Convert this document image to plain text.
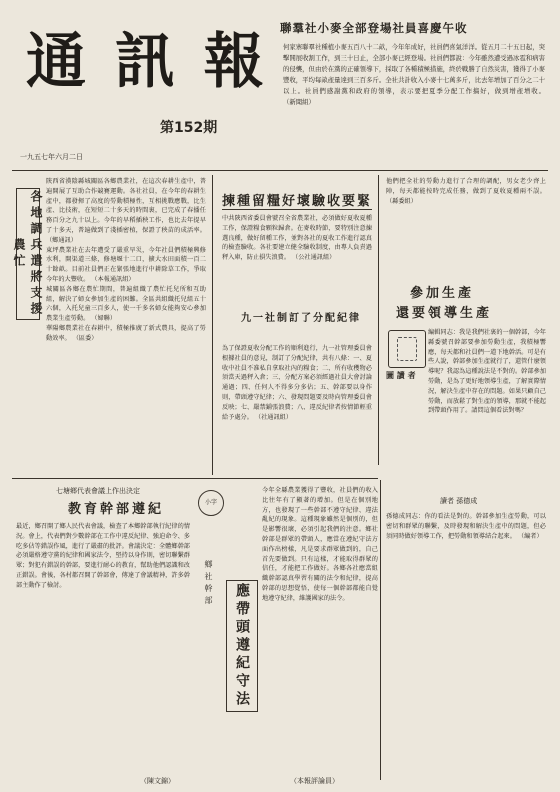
通 訊 報
第152期
一九五七年六月二日
聯羣社小麥全部登場社員喜慶午收
何家寨聯羣社種植小麥五百八十二畝，今年年成好，社員們喜氣洋洋。從五月二十五日起，突擊開展收割工作，到三十日止，全部小麥已經登場。社員們都說：今年雖然遭受過冰雹和病害的侵襲，但由於在黨的正確領導下，採取了各種積極措施，終於戰勝了自然災害，獲得了小麥豐收，平均每畝產量達到三百多斤。全社共計收入小麥十七萬多斤，比去年增加了百分之二十以上。社員們感謝黨和政府的領導，表示要把夏季分配工作搞好，做到增產增收。 （新聞組）
各地調兵遣將支援農忙
陝西省漢陰縣城關區各鄉農業社，在這次春耕生產中，普遍開展了互助合作競賽運動。各社社員，在今年的春耕生產中，都發揮了高度的勞動積極性，互相挑戰應戰，比生產、比技術，在短短二十多天的時間裏，已完成了春播任務百分之九十以上。今年的早稻插秧工作，也比去年提早了十多天，普遍做到了淺插密植，保證了秧苗的成活率。 （鄉通訊）
東坪農業社在去年遭受了嚴重旱災，今年社員們積極興修水利，開渠道三條，修塘堰十二口，擴大水田面積一百二十餘畝。目前社員們正在緊張地進行中耕除草工作，爭取今年的大豐收。 （本報通訊組）
城關區各鄉在農忙期間，普遍組織了農忙托兒所和互助組，解決了婦女參加生產的困難。全區共組織托兒組五十六個，入托兒童三百多人，使一千多名婦女能夠安心參加農業生產勞動。 （婦聯）
華陽鄉農業社在春耕中，積極推廣了新式農具，提高了勞動效率。 （區委）
揀種留糧好壞驗收要緊
中共陝西省委員會號召全省農業社，必須做好夏收夏種工作，保證糧食顆粒歸倉。在麥收時節，要特別注意揀選良種，做好留種工作，並對各社的夏收工作進行認真的檢查驗收。各社要建立健全驗收制度，由專人負責過秤入庫，防止損失浪費。 （公社通訊組）
九一社制訂了分配紀律
為了保證夏收分配工作的順利進行，九一社管理委員會根據社員的意見，制訂了分配紀律，共有八條：一、夏收中社員不准私自拿取社內的糧食；二、所有收穫物必須當天過秤入倉；三、分配方案必須經過社員大會討論通過；四、任何人不得多分多佔；五、幹部要以身作則，帶頭遵守紀律；六、發現問題要及時向管理委員會反映；七、嚴禁鋪張浪費；八、違反紀律者按情節輕重給予處分。 （社通訊組）
他們把全社的勞動力進行了合理的調配，男女老少齊上陣，每天都能按時完成任務，做到了夏收夏種兩不誤。 （縣委組）
參加生產
還要領導生產
圖 讀 者
編輯同志：我是我們社裏的一個幹部，今年縣委號召幹部要參加勞動生產，我積極響應，每天都和社員們一道下地幹活。可是有些人說，幹部參加生產就行了，還管什麼領導呢？我認為這種說法是不對的。幹部參加勞動，是為了更好地領導生產，了解實際情況，解決生產中存在的問題。如果只顧自己勞動，而放鬆了對生產的領導，那就不能起到帶頭作用了。請問這個看法對嗎？
讀者 孫德成
孫德成同志：你的看法是對的。幹部參加生產勞動，可以密切和群眾的聯繫，及時發現和解決生產中的問題，但必須同時做好領導工作，把勞動和領導結合起來。 （編者）
七塘鄉代表會議上作出決定
教育幹部遵紀
最近，鄉召開了鄉人民代表會議，檢查了本鄉幹部執行紀律的情況。會上，代表們對少數幹部在工作中違反紀律、強迫命令、多吃多佔等錯誤作風，進行了嚴肅的批評。會議決定：全體鄉幹部必須嚴格遵守黨的紀律和國家法令，堅持以身作則，密切聯繫群眾；對犯有錯誤的幹部，要進行耐心的教育，幫助他們認識和改正錯誤。會後，各村都召開了幹部會，傳達了會議精神，許多幹部主動作了檢討。
（陳文錦）
小字
鄉社幹部	應帶頭遵紀守法
今年全縣農業獲得了豐收，社員們的收入比往年有了顯著的增加。但是在個別地方，也發現了一些幹部不遵守紀律、違法亂紀的現象。這種現象雖然是個別的，但是影響很壞，必須引起我們的注意。鄉社幹部是群眾的帶頭人，應當在遵紀守法方面作出榜樣，凡是要求群眾做到的，自己首先要做到。只有這樣，才能取得群眾的信任，才能把工作做好。各鄉各社應當組織幹部認真學習有關的法令和紀律，提高幹部的思想覺悟，使每一個幹部都能自覺地遵守紀律，維護國家的法令。
（本報評論員）
